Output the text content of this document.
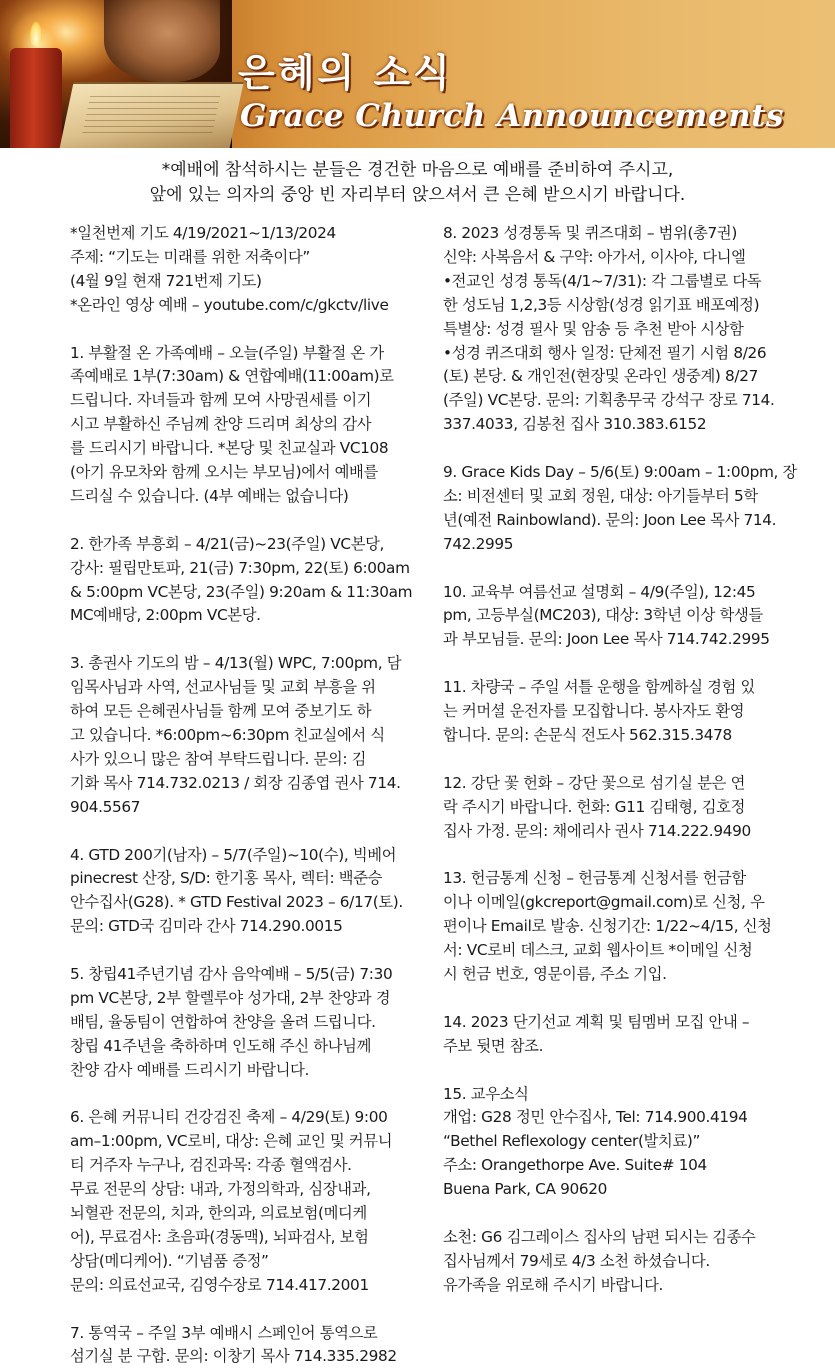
은혜의 소식
Grace Church Announcements
*예배에 참석하시는 분들은 경건한 마음으로 예배를 준비하여 주시고,
앞에 있는 의자의 중앙 빈 자리부터 앉으셔서 큰 은혜 받으시기 바랍니다.
*일천번제 기도 4/19/2021~1/13/2024
주제: “기도는 미래를 위한 저축이다”
(4월 9일 현재 721번제 기도)
*온라인 영상 예배 – youtube.com/c/gkctv/live
1. 부활절 온 가족예배 – 오늘(주일) 부활절 온 가
족예배로 1부(7:30am) & 연합예배(11:00am)로
드립니다. 자녀들과 함께 모여 사망권세를 이기
시고 부활하신 주님께 찬양 드리며 최상의 감사
를 드리시기 바랍니다. *본당 및 친교실과 VC108
(아기 유모차와 함께 오시는 부모님)에서 예배를
드리실 수 있습니다. (4부 예배는 없습니다)
2. 한가족 부흥회 – 4/21(금)~23(주일) VC본당,
강사: 필립만토파, 21(금) 7:30pm, 22(토) 6:00am
& 5:00pm VC본당, 23(주일) 9:20am & 11:30am
MC예배당, 2:00pm VC본당.
3. 총권사 기도의 밤 – 4/13(월) WPC, 7:00pm, 담
임목사님과 사역, 선교사님들 및 교회 부흥을 위
하여 모든 은혜권사님들 함께 모여 중보기도 하
고 있습니다. *6:00pm~6:30pm 친교실에서 식
사가 있으니 많은 참여 부탁드립니다. 문의: 김
기화 목사 714.732.0213 / 회장 김종엽 권사 714.
904.5567
4. GTD 200기(남자) – 5/7(주일)~10(수), 빅베어
pinecrest 산장, S/D: 한기홍 목사, 렉터: 백준승
안수집사(G28). * GTD Festival 2023 – 6/17(토).
문의: GTD국 김미라 간사 714.290.0015
5. 창립41주년기념 감사 음악예배 – 5/5(금) 7:30
pm VC본당, 2부 할렐루야 성가대, 2부 찬양과 경
배팀, 율동팀이 연합하여 찬양을 올려 드립니다.
창립 41주년을 축하하며 인도해 주신 하나님께
찬양 감사 예배를 드리시기 바랍니다.
6. 은혜 커뮤니티 건강검진 축제 – 4/29(토) 9:00
am–1:00pm, VC로비, 대상: 은혜 교인 및 커뮤니
티 거주자 누구나, 검진과목: 각종 혈액검사.
무료 전문의 상담: 내과, 가정의학과, 심장내과,
뇌혈관 전문의, 치과, 한의과, 의료보험(메디케
어), 무료검사: 초음파(경동맥), 뇌파검사, 보험
상담(메디케어). “기념품 증정”
문의: 의료선교국, 김영수장로 714.417.2001
7. 통역국 – 주일 3부 예배시 스페인어 통역으로
섬기실 분 구합. 문의: 이창기 목사 714.335.2982
8. 2023 성경통독 및 퀴즈대회 – 범위(총7권)
신약: 사복음서 & 구약: 아가서, 이사야, 다니엘
•전교인 성경 통독(4/1~7/31): 각 그룹별로 다독
한 성도님 1,2,3등 시상함(성경 읽기표 배포예정)
특별상: 성경 필사 및 암송 등 추천 받아 시상함
•성경 퀴즈대회 행사 일정: 단체전 필기 시험 8/26
(토) 본당. & 개인전(현장및 온라인 생중계) 8/27
(주일) VC본당. 문의: 기획총무국 강석구 장로 714.
337.4033, 김봉천 집사 310.383.6152
9. Grace Kids Day – 5/6(토) 9:00am – 1:00pm, 장
소: 비전센터 및 교회 정원, 대상: 아기들부터 5학
년(예전 Rainbowland). 문의: Joon Lee 목사 714.
742.2995
10. 교육부 여름선교 설명회 – 4/9(주일), 12:45
pm, 고등부실(MC203), 대상: 3학년 이상 학생들
과 부모님들. 문의: Joon Lee 목사 714.742.2995
11. 차량국 – 주일 셔틀 운행을 함께하실 경험 있
는 커머셜 운전자를 모집합니다. 봉사자도 환영
합니다. 문의: 손문식 전도사 562.315.3478
12. 강단 꽃 헌화 – 강단 꽃으로 섬기실 분은 연
락 주시기 바랍니다. 헌화: G11 김태형, 김호정
집사 가정. 문의: 채에리사 권사 714.222.9490
13. 헌금통계 신청 – 헌금통계 신청서를 헌금함
이나 이메일(gkcreport@gmail.com)로 신청, 우
편이나 Email로 발송. 신청기간: 1/22~4/15, 신청
서: VC로비 데스크, 교회 웹사이트 *이메일 신청
시 헌금 번호, 영문이름, 주소 기입.
14. 2023 단기선교 계획 및 팀멤버 모집 안내 –
주보 뒷면 참조.
15. 교우소식
개업: G28 정민 안수집사, Tel: 714.900.4194
“Bethel Reflexology center(발치료)”
주소: Orangethorpe Ave. Suite# 104
Buena Park, CA 90620
소천: G6 김그레이스 집사의 남편 되시는 김종수
집사님께서 79세로 4/3 소천 하셨습니다.
유가족을 위로해 주시기 바랍니다.
